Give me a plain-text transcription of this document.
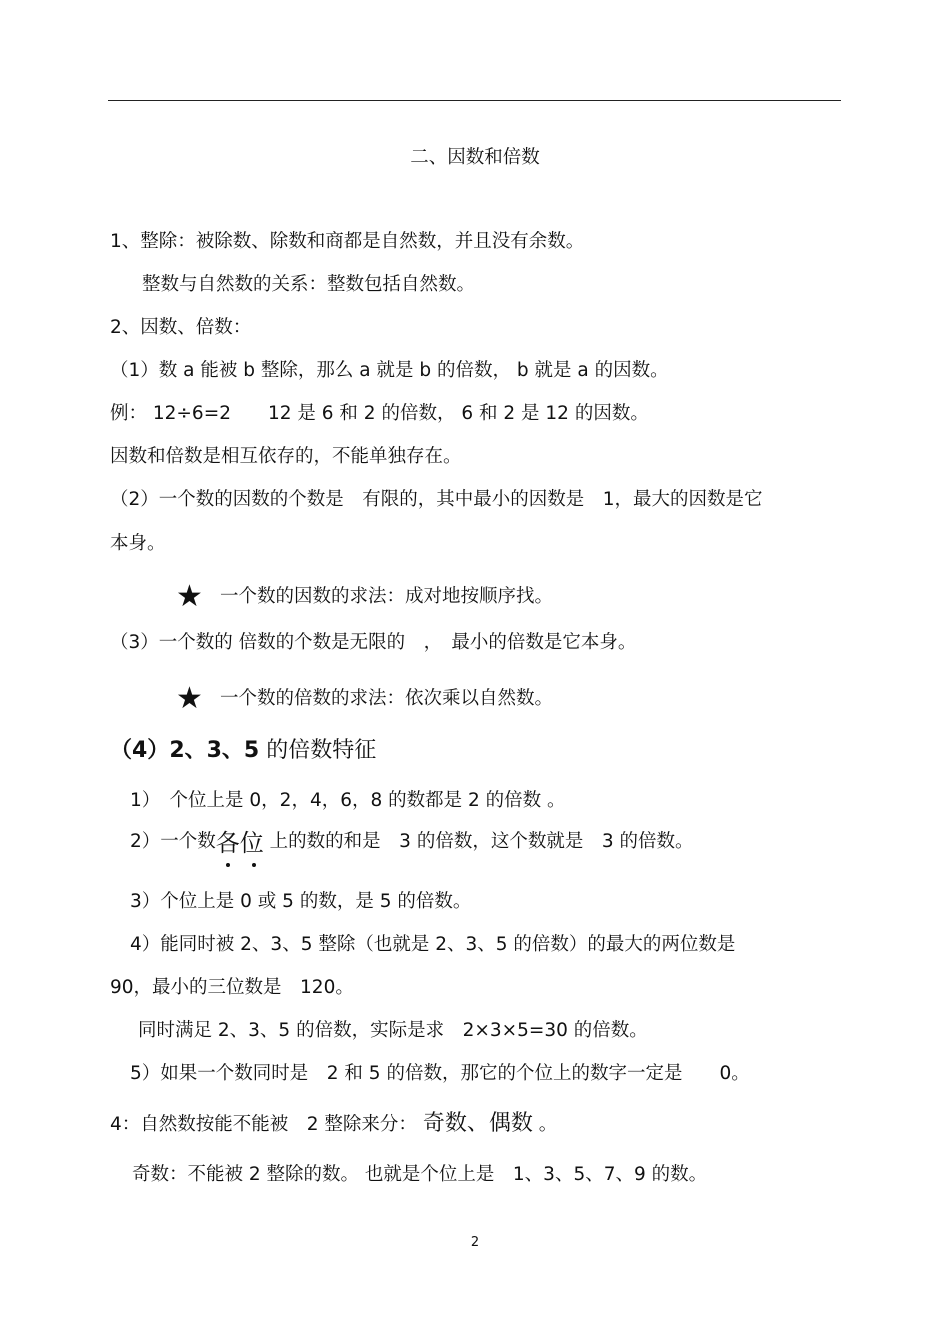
二、因数和倍数
1、整除：被除数、除数和商都是自然数，并且没有余数。
整数与自然数的关系：整数包括自然数。
2、因数、倍数：
（1）数 a 能被 b 整除，那么 a 就是 b 的倍数， b 就是 a 的因数。
例： 12÷6=2　　12 是 6 和 2 的倍数， 6 和 2 是 12 的因数。
因数和倍数是相互依存的，不能单独存在。
（2）一个数的因数的个数是　有限的，其中最小的因数是　1，最大的因数是它
本身。
★ 一个数的因数的求法：成对地按顺序找。
（3）一个数的 倍数的个数是无限的　，　最小的倍数是它本身。
★ 一个数的倍数的求法：依次乘以自然数。
（4）2、3、5 的倍数特征
1）　个位上是 0，2，4，6，8 的数都是 2 的倍数 。
2）一个数各位 上的数的和是　3 的倍数，这个数就是　3 的倍数。
3）个位上是 0 或 5 的数，是 5 的倍数。
4）能同时被 2、3、5 整除（也就是 2、3、5 的倍数）的最大的两位数是
90，最小的三位数是　120。
同时满足 2、3、5 的倍数，实际是求　2×3×5=30 的倍数。
5）如果一个数同时是　2 和 5 的倍数，那它的个位上的数字一定是　　0。
4：自然数按能不能被　2 整除来分： 奇数、偶数 。
奇数：不能被 2 整除的数。 也就是个位上是　1、3、5、7、9 的数。
2
